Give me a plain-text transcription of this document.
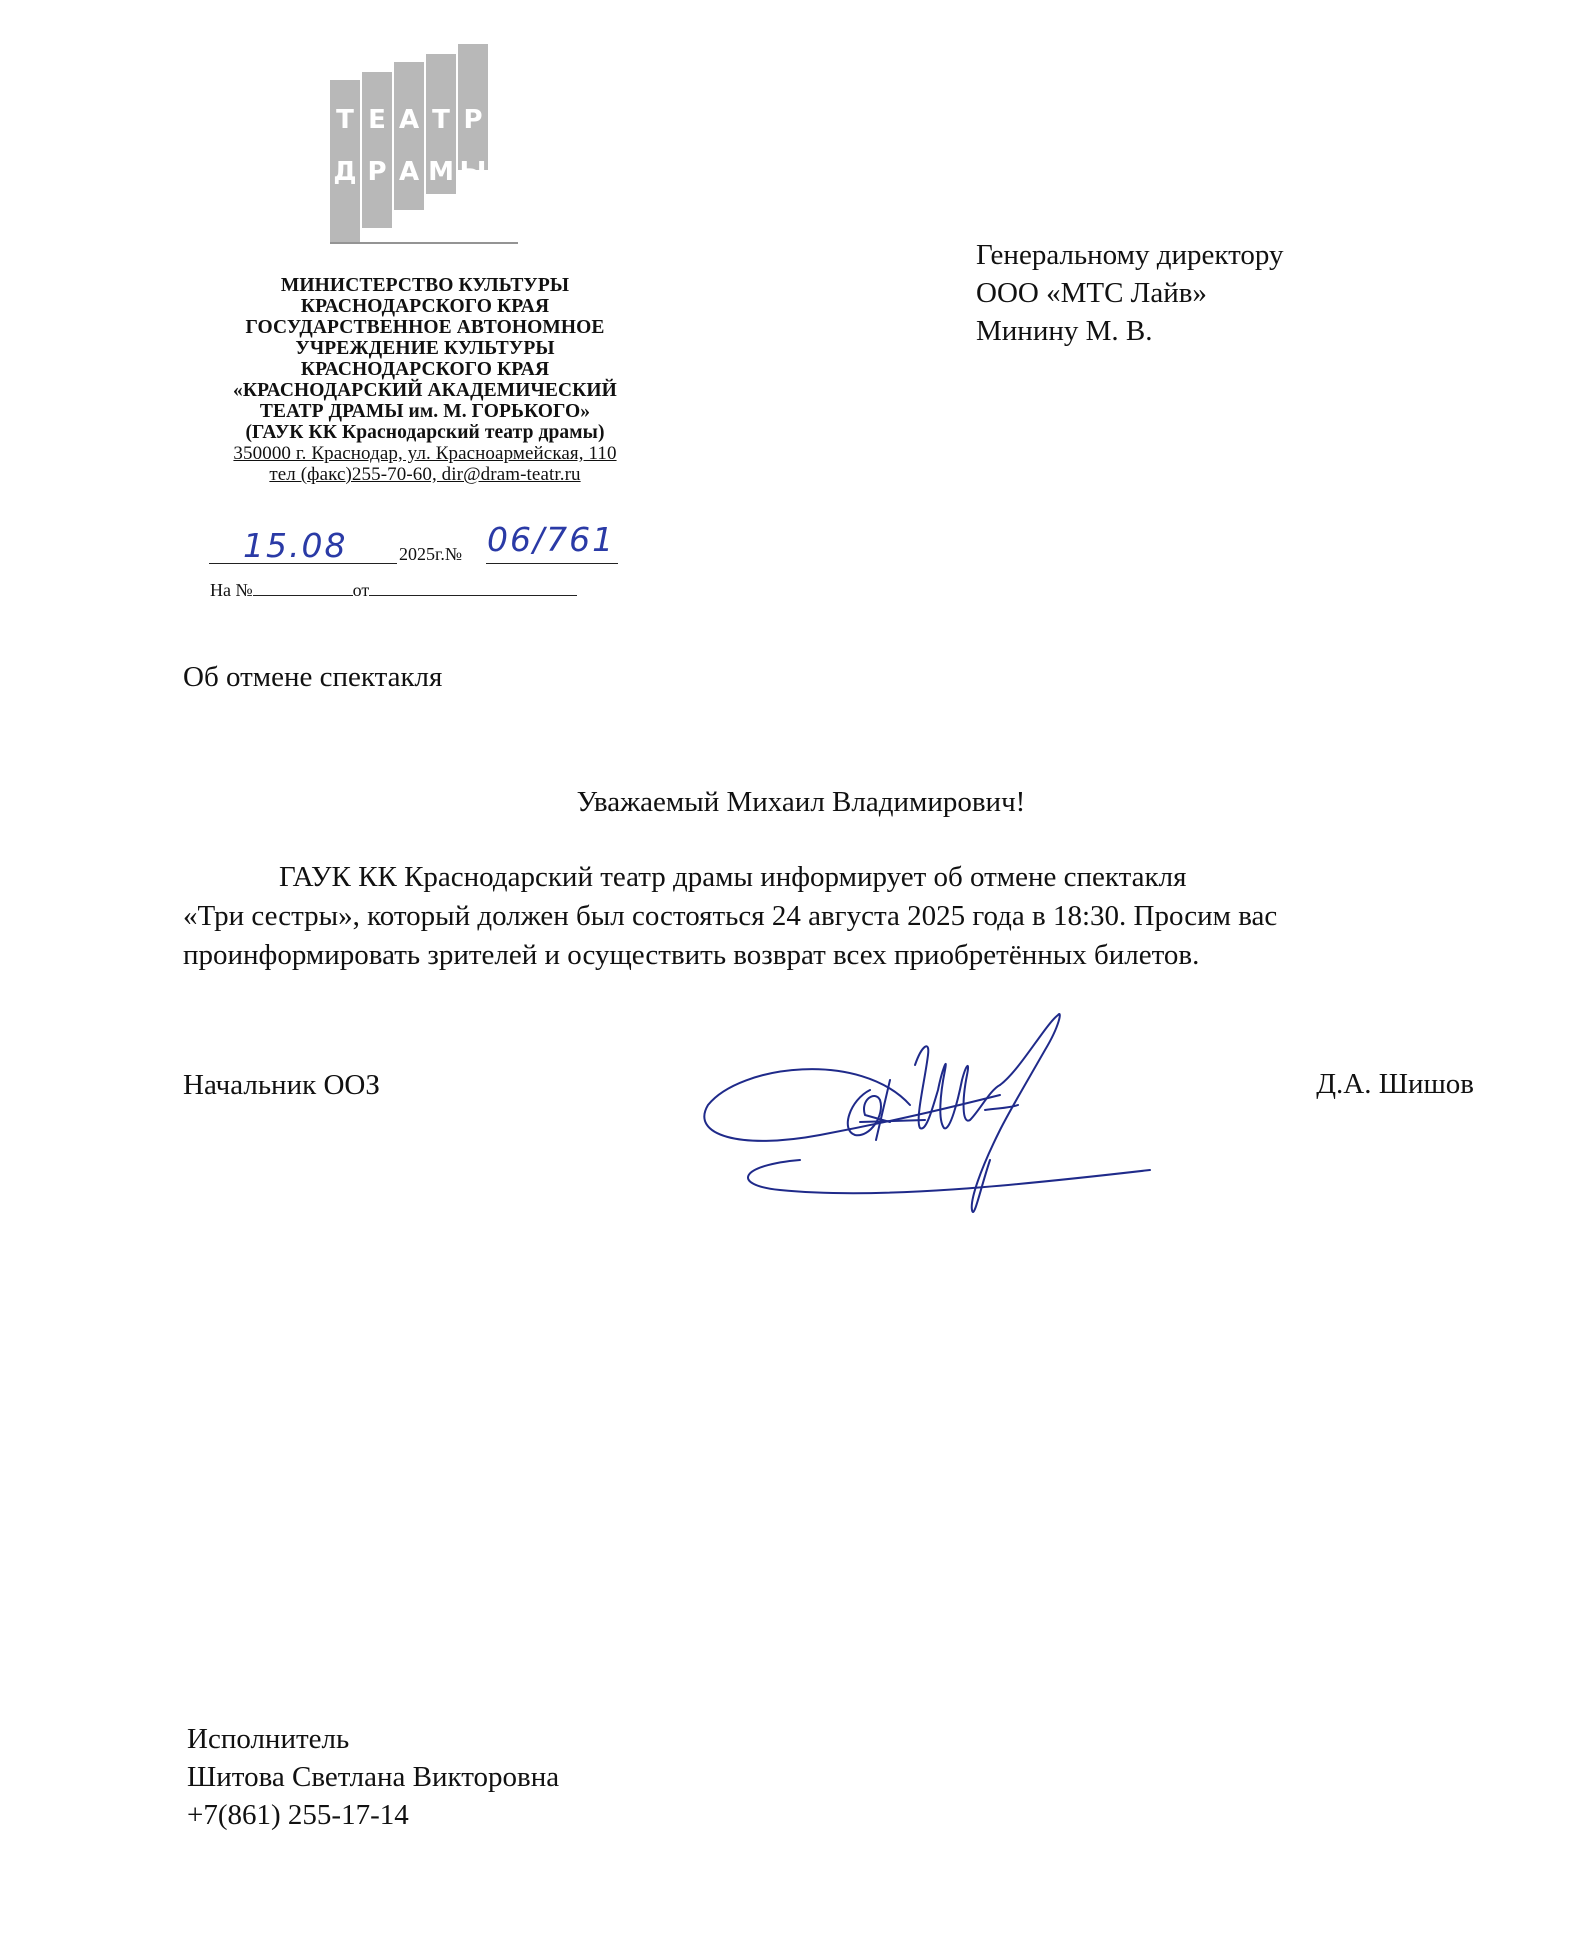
Т Е А Т Р
Д Р А М Ы
МИНИСТЕРСТВО КУЛЬТУРЫ
КРАСНОДАРСКОГО КРАЯ
ГОСУДАРСТВЕННОЕ АВТОНОМНОЕ
УЧРЕЖДЕНИЕ КУЛЬТУРЫ
КРАСНОДАРСКОГО КРАЯ
«КРАСНОДАРСКИЙ АКАДЕМИЧЕСКИЙ
ТЕАТР ДРАМЫ им. М. ГОРЬКОГО»
(ГАУК КК Краснодарский театр драмы)
350000 г. Краснодар, ул. Красноармейская, 110
тел (факс)255-70-60, dir@dram-teatr.ru
15.08	2025г.№ 06/761
На №	от
Генеральному директору
ООО «МТС Лайв»
Минину М. В.
Об отмене спектакля
Уважаемый Михаил Владимирович!
ГАУК КК Краснодарский театр драмы информирует об отмене спектакля
«Три сестры», который должен был состояться 24 августа 2025 года в 18:30. Просим вас
проинформировать зрителей и осуществить возврат всех приобретённых билетов.
Начальник ООЗ	Д.А. Шишов
Исполнитель
Шитова Светлана Викторовна
+7(861) 255-17-14
